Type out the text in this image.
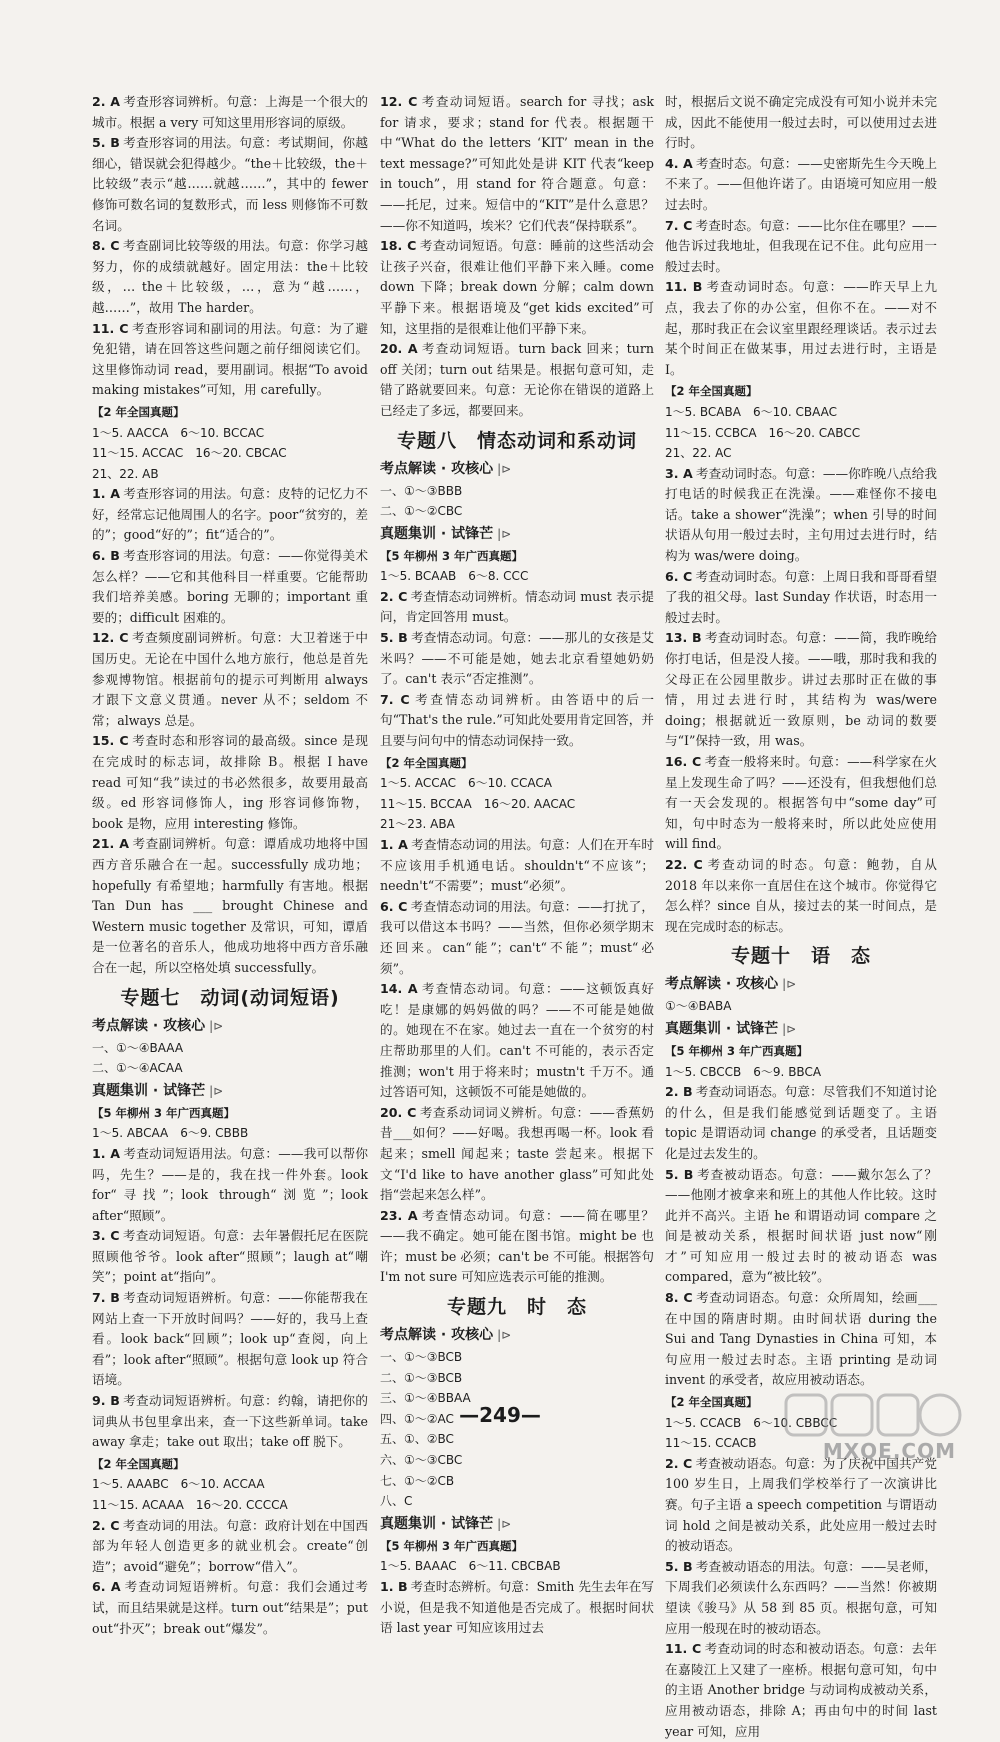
2. A 考查形容词辨析。句意：上海是一个很大的城市。根据 a very 可知这里用形容词的原级。

5. B 考查形容词的用法。句意：考试期间，你越细心，错误就会犯得越少。“the＋比较级，the＋比较级”表示“越……就越……”，其中的 fewer 修饰可数名词的复数形式，而 less 则修饰不可数名词。

8. C 考查副词比较等级的用法。句意：你学习越努力，你的成绩就越好。固定用法：the＋比较级，… the＋比较级，…，意为“越……，越……”，故用 The harder。

11. C 考查形容词和副词的用法。句意：为了避免犯错，请在回答这些问题之前仔细阅读它们。这里修饰动词 read，要用副词。根据“To avoid making mistakes”可知，用 carefully。

【2 年全国真题】
1～5. AACCA　6～10. BCCAC
11～15. ACCAC　16～20. CBCAC
21、22. AB

1. A 考查形容词的用法。句意：皮特的记忆力不好，经常忘记他周围人的名字。poor“贫穷的，差的”；good“好的”；fit“适合的”。

6. B 考查形容词的用法。句意：——你觉得美术怎么样？——它和其他科目一样重要。它能帮助我们培养美感。boring 无聊的；important 重要的；difficult 困难的。

12. C 考查频度副词辨析。句意：大卫着迷于中国历史。无论在中国什么地方旅行，他总是首先参观博物馆。根据前句的提示可判断用 always 才跟下文意义贯通。never 从不；seldom 不常；always 总是。

15. C 考查时态和形容词的最高级。since 是现在完成时的标志词，故排除 B。根据 I have read 可知“我”读过的书必然很多，故要用最高级。ed 形容词修饰人，ing 形容词修饰物，book 是物，应用 interesting 修饰。

21. A 考查副词辨析。句意：谭盾成功地将中国西方音乐融合在一起。successfully 成功地；hopefully 有希望地；harmfully 有害地。根据 Tan Dun has ___ brought Chinese and Western music together 及常识，可知，谭盾是一位著名的音乐人，他成功地将中西方音乐融合在一起，所以空格处填 successfully。

专题七　动词(动词短语)
考点解读 · 攻核心 |⊳
一、①～④BAAA
二、①～④ACAA
真题集训 · 试锋芒 |⊳
【5 年柳州 3 年广西真题】
1～5. ABCAA　6～9. CBBB

1. A 考查动词短语用法。句意：——我可以帮你吗，先生？——是的，我在找一件外套。look for“寻找”；look through“浏览”；look after“照顾”。

3. C 考查动词短语。句意：去年暑假托尼在医院照顾他爷爷。look after“照顾”；laugh at“嘲笑”；point at“指向”。

7. B 考查动词短语辨析。句意：——你能帮我在网站上查一下开放时间吗？——好的，我马上查看。look back“回顾”；look up“查阅，向上看”；look after“照顾”。根据句意 look up 符合语境。

9. B 考查动词短语辨析。句意：约翰，请把你的词典从书包里拿出来，查一下这些新单词。take away 拿走；take out 取出；take off 脱下。

【2 年全国真题】
1～5. AAABC　6～10. ACCAA
11～15. ACAAA　16～20. CCCCA

2. C 考查动词的用法。句意：政府计划在中国西部为年轻人创造更多的就业机会。create“创造”；avoid“避免”；borrow“借入”。

6. A 考查动词短语辨析。句意：我们会通过考试，而且结果就是这样。turn out“结果是”；put out“扑灭”；break out“爆发”。

12. C 考查动词短语。search for 寻找；ask for 请求，要求；stand for 代表。根据题干中“What do the letters ‘KIT’ mean in the text message?”可知此处是讲 KIT 代表“keep in touch”，用 stand for 符合题意。句意：——托尼，过来。短信中的“KIT”是什么意思？——你不知道吗，埃米？它们代表“保持联系”。

18. C 考查动词短语。句意：睡前的这些活动会让孩子兴奋，很难让他们平静下来入睡。come down 下降；break down 分解；calm down 平静下来。根据语境及“get kids excited”可知，这里指的是很难让他们平静下来。

20. A 考查动词短语。turn back 回来；turn off 关闭；turn out 结果是。根据句意可知，走错了路就要回来。句意：无论你在错误的道路上已经走了多远，都要回来。

专题八　情态动词和系动词
考点解读 · 攻核心 |⊳
一、①～③BBB
二、①～②CBC
真题集训 · 试锋芒 |⊳
【5 年柳州 3 年广西真题】
1～5. BCAAB　6～8. CCC

2. C 考查情态动词辨析。情态动词 must 表示提问，肯定回答用 must。

5. B 考查情态动词。句意：——那儿的女孩是艾米吗？——不可能是她，她去北京看望她奶奶了。can't 表示“否定推测”。

7. C 考查情态动词辨析。由答语中的后一句“That's the rule.”可知此处要用肯定回答，并且要与问句中的情态动词保持一致。

【2 年全国真题】
1～5. ACCAC　6～10. CCACA
11～15. BCCAA　16～20. AACAC
21～23. ABA

1. A 考查情态动词的用法。句意：人们在开车时不应该用手机通电话。shouldn't“不应该”；needn't“不需要”；must“必须”。

6. C 考查情态动词的用法。句意：——打扰了，我可以借这本书吗？——当然，但你必须学期末还回来。can“能”；can't“不能”；must“必须”。

14. A 考查情态动词。句意：——这顿饭真好吃！是康娜的妈妈做的吗？——不可能是她做的。她现在不在家。她过去一直在一个贫穷的村庄帮助那里的人们。can't 不可能的，表示否定推测；won't 用于将来时；mustn't 千万不。通过答语可知，这顿饭不可能是她做的。

20. C 考查系动词词义辨析。句意：——香蕉奶昔___如何？——好喝。我想再喝一杯。look 看起来；smell 闻起来；taste 尝起来。根据下文“I'd like to have another glass”可知此处指“尝起来怎么样”。

23. A 考查情态动词。句意：——简在哪里？——我不确定。她可能在图书馆。might be 也许；must be 必须；can't be 不可能。根据答句 I'm not sure 可知应选表示可能的推测。

专题九　时　态
考点解读 · 攻核心 |⊳
一、①～③BCB
二、①～③BCB
三、①～④BBAA
四、①～②AC
五、①、②BC
六、①～③CBC
七、①～②CB
八、C
真题集训 · 试锋芒 |⊳
【5 年柳州 3 年广西真题】
1～5. BAAAC　6～11. CBCBAB

1. B 考查时态辨析。句意：Smith 先生去年在写小说，但是我不知道他是否完成了。根据时间状语 last year 可知应该用过去

时，根据后文说不确定完成没有可知小说并未完成，因此不能使用一般过去时，可以使用过去进行时。

4. A 考查时态。句意：——史密斯先生今天晚上不来了。——但他许诺了。由语境可知应用一般过去时。

7. C 考查时态。句意：——比尔住在哪里？——他告诉过我地址，但我现在记不住。此句应用一般过去时。

11. B 考查动词时态。句意：——昨天早上九点，我去了你的办公室，但你不在。——对不起，那时我正在会议室里跟经理谈话。表示过去某个时间正在做某事，用过去进行时，主语是 I。

【2 年全国真题】
1～5. BCABA　6～10. CBAAC
11～15. CCBCA　16～20. CABCC
21、22. AC

3. A 考查动词时态。句意：——你昨晚八点给我打电话的时候我正在洗澡。——难怪你不接电话。take a shower“洗澡”；when 引导的时间状语从句用一般过去时，主句用过去进行时，结构为 was/were doing。

6. C 考查动词时态。句意：上周日我和哥哥看望了我的祖父母。last Sunday 作状语，时态用一般过去时。

13. B 考查动词时态。句意：——简，我昨晚给你打电话，但是没人接。——哦，那时我和我的父母正在公园里散步。讲过去那时正在做的事情，用过去进行时，其结构为 was/were doing；根据就近一致原则，be 动词的数要与“I”保持一致，用 was。

16. C 考查一般将来时。句意：——科学家在火星上发现生命了吗？——还没有，但我想他们总有一天会发现的。根据答句中“some day”可知，句中时态为一般将来时，所以此处应使用 will find。

22. C 考查动词的时态。句意：鲍勃，自从 2018 年以来你一直居住在这个城市。你觉得它怎么样？since 自从，接过去的某一时间点，是现在完成时态的标志。

专题十　语　态
考点解读 · 攻核心 |⊳
①～④BABA
真题集训 · 试锋芒 |⊳
【5 年柳州 3 年广西真题】
1～5. CBCCB　6～9. BBCA

2. B 考查动词语态。句意：尽管我们不知道讨论的什么，但是我们能感觉到话题变了。主语 topic 是谓语动词 change 的承受者，且话题变化是过去发生的。

5. B 考查被动语态。句意：——戴尔怎么了？——他刚才被拿来和班上的其他人作比较。这时此并不高兴。主语 he 和谓语动词 compare 之间是被动关系，根据时间状语 just now“刚才”可知应用一般过去时的被动语态 was compared，意为“被比较”。

8. C 考查动词语态。句意：众所周知，绘画___在中国的隋唐时期。由时间状语 during the Sui and Tang Dynasties in China 可知，本句应用一般过去时态。主语 printing 是动词 invent 的承受者，故应用被动语态。

【2 年全国真题】
1～5. CCACB　6～10. CBBCC
11～15. CCACB

2. C 考查被动语态。句意：为了庆祝中国共产党 100 岁生日，上周我们学校举行了一次演讲比赛。句子主语 a speech competition 与谓语动词 hold 之间是被动关系，此处应用一般过去时的被动语态。

5. B 考查被动语态的用法。句意：——吴老师，下周我们必须读什么东西吗？——当然！你被期望读《骏马》从 58 到 85 页。根据句意，可知应用一般现在时的被动语态。

11. C 考查动词的时态和被动语态。句意：去年在嘉陵江上又建了一座桥。根据句意可知，句中的主语 Another bridge 与动词构成被动关系，应用被动语态，排除 A；再由句中的时间 last year 可知，应用

—249—
MXQE.COM
